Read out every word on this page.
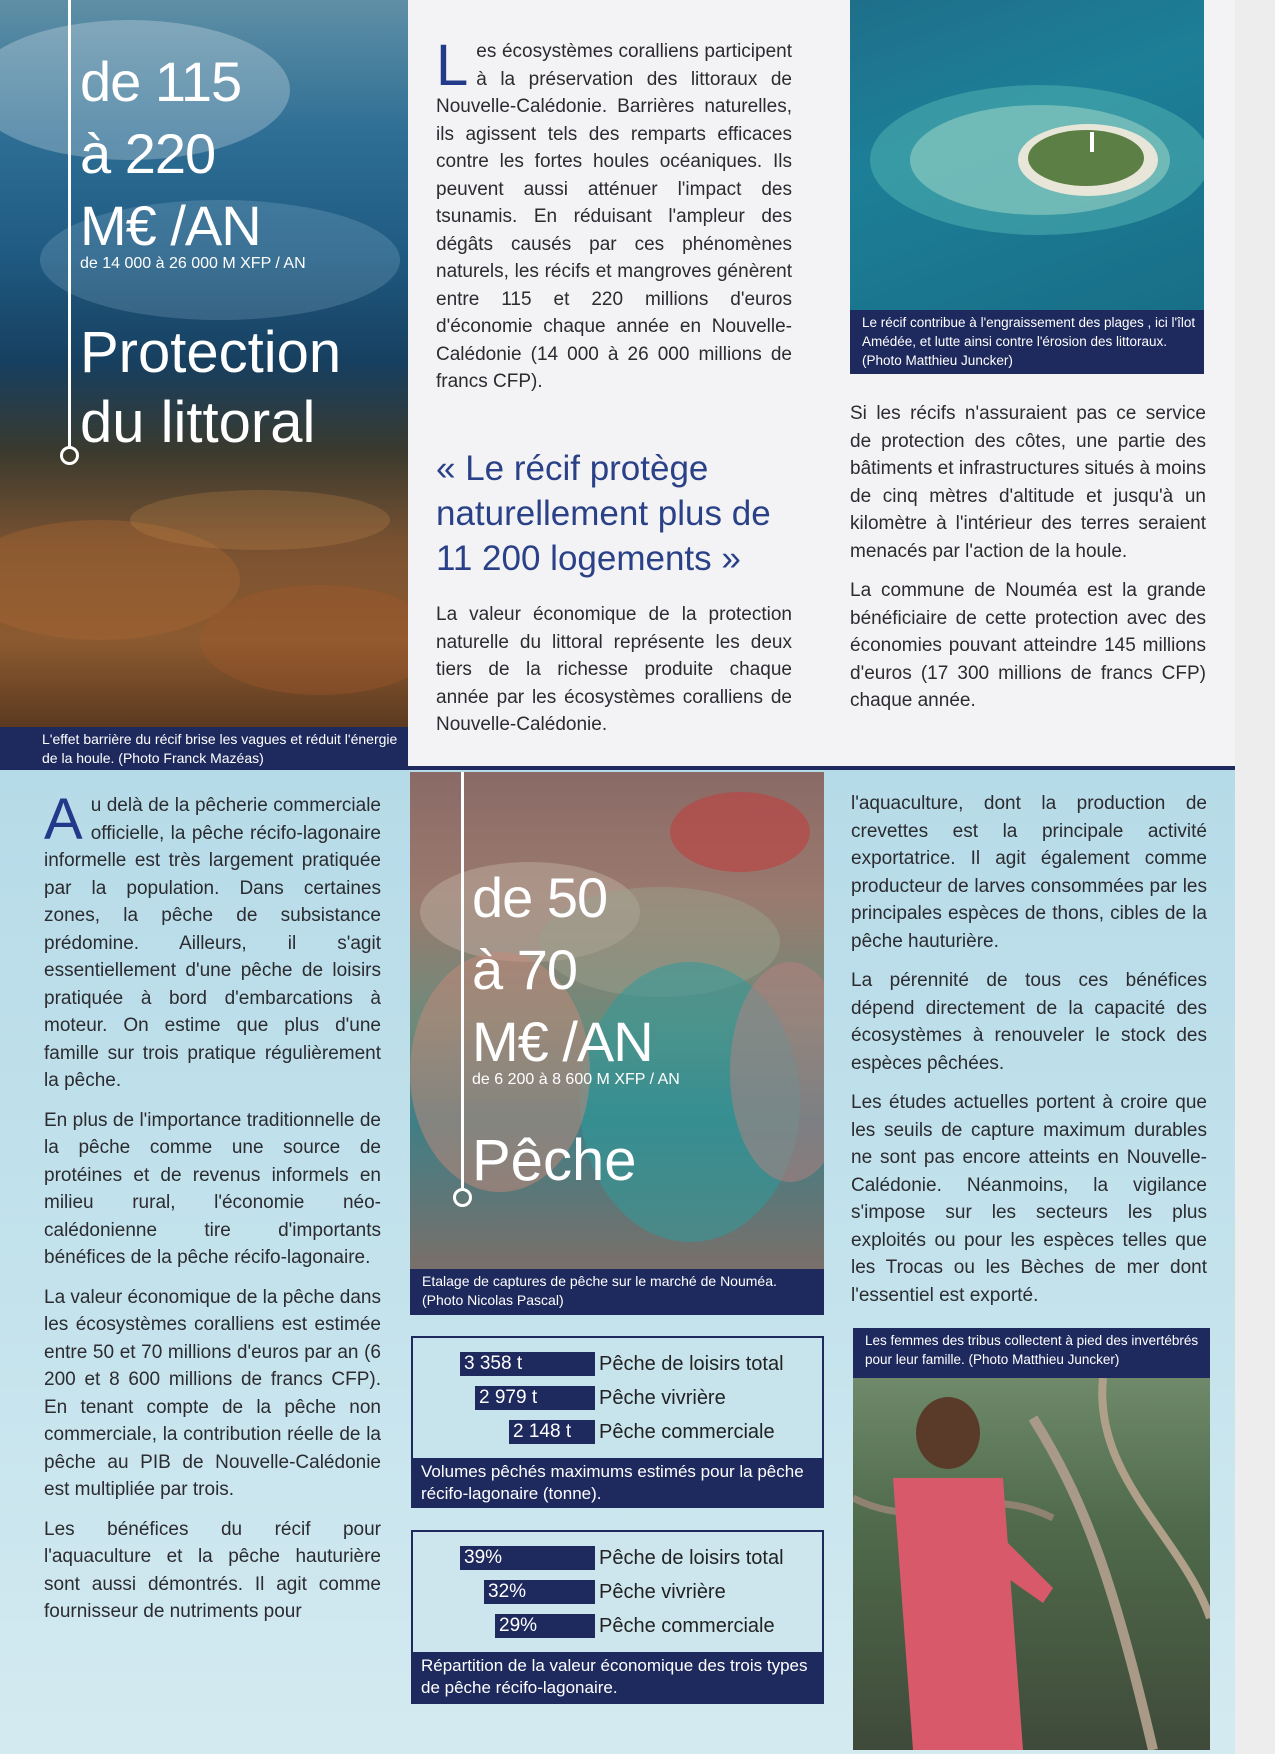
de 115
à 220
M€ /AN
de 14 000 à 26 000 M XFP / AN
Protection
du littoral
L'effet barrière du récif brise les vagues et réduit l'énergie de la houle. (Photo Franck Mazéas)
Les écosystèmes coralliens participent à la préservation des littoraux de Nouvelle-Calédonie. Barrières naturelles, ils agissent tels des remparts efficaces contre les fortes houles océaniques. Ils peuvent aussi atténuer l'impact des tsunamis. En réduisant l'ampleur des dégâts causés par ces phénomènes naturels, les récifs et mangroves génèrent entre 115 et 220 millions d'euros d'économie chaque année en Nouvelle-Calédonie (14 000 à 26 000 millions de francs CFP).
« Le récif protège naturellement plus de 11 200 logements »
La valeur économique de la protection naturelle du littoral représente les deux tiers de la richesse produite chaque année par les écosystèmes coralliens de Nouvelle-Calédonie.
Le récif contribue à l'engraissement des plages , ici l'îlot Amédée, et lutte ainsi contre l'érosion des littoraux. (Photo Matthieu Juncker)

Si les récifs n'assuraient pas ce service de protection des côtes, une partie des bâtiments et infrastructures situés à moins de cinq mètres d'altitude et jusqu'à un kilomètre à l'intérieur des terres seraient menacés par l'action de la houle.

La commune de Nouméa est la grande bénéficiaire de cette protection avec des économies pouvant atteindre 145 millions d'euros (17 300 millions de francs CFP) chaque année.

Au delà de la pêcherie commerciale officielle, la pêche récifo-lagonaire informelle est très largement pratiquée par la population. Dans certaines zones, la pêche de subsistance prédomine. Ailleurs, il s'agit essentiellement d'une pêche de loisirs pratiquée à bord d'embarcations à moteur. On estime que plus d'une famille sur trois pratique régulièrement la pêche.

En plus de l'importance traditionnelle de la pêche comme une source de protéines et de revenus informels en milieu rural, l'économie néo-calédonienne tire d'importants bénéfices de la pêche récifo-lagonaire.

La valeur économique de la pêche dans les écosystèmes coralliens est estimée entre 50 et 70 millions d'euros par an (6 200 et 8 600 millions de francs CFP). En tenant compte de la pêche non commerciale, la contribution réelle de la pêche au PIB de Nouvelle-Calédonie est multipliée par trois.

Les bénéfices du récif pour l'aquaculture et la pêche hauturière sont aussi démontrés. Il agit comme fournisseur de nutriments pour

de 50
à 70
M€ /AN
de 6 200 à 8 600 M XFP / AN
Pêche
Etalage de captures de pêche sur le marché de Nouméa. (Photo Nicolas Pascal)
3 358 t	Pêche de loisirs total
2 979 t	Pêche vivrière
2 148 t	Pêche commerciale
Volumes pêchés maximums estimés pour la pêche récifo-lagonaire (tonne).
39%	Pêche de loisirs total
32%	Pêche vivrière
29%	Pêche commerciale
Répartition de la valeur économique des trois types de pêche récifo-lagonaire.

l'aquaculture, dont la production de crevettes est la principale activité exportatrice. Il agit également comme producteur de larves consommées par les principales espèces de thons, cibles de la pêche hauturière.

La pérennité de tous ces bénéfices dépend directement de la capacité des écosystèmes à renouveler le stock des espèces pêchées.

Les études actuelles portent à croire que les seuils de capture maximum durables ne sont pas encore atteints en Nouvelle-Calédonie. Néanmoins, la vigilance s'impose sur les secteurs les plus exploités ou pour les espèces telles que les Trocas ou les Bèches de mer dont l'essentiel est exporté.

Les femmes des tribus collectent à pied des invertébrés pour leur famille. (Photo Matthieu Juncker)
